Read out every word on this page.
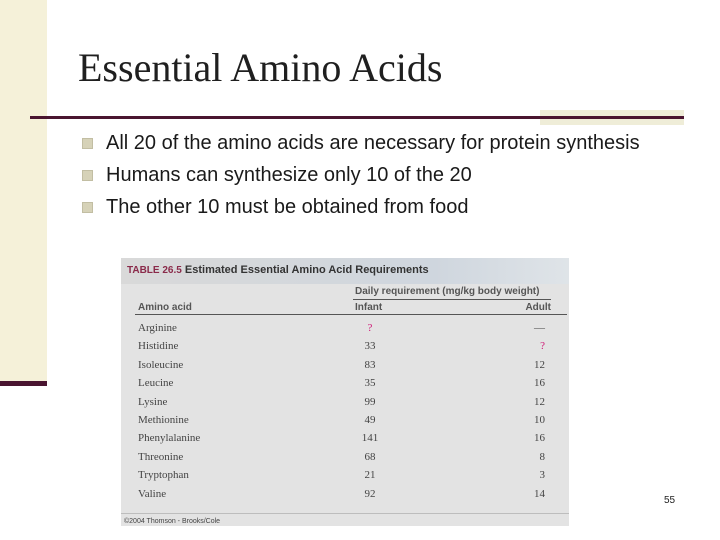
Essential Amino Acids
All 20 of the amino acids are necessary for protein synthesis
Humans can synthesize only 10 of the 20
The other 10 must be obtained from food
TABLE 26.5 Estimated Essential Amino Acid Requirements
Daily requirement (mg/kg body weight)
Amino acid	Infant	Adult
Arginine	?	—
Histidine	33	?
Isoleucine	83	12
Leucine	35	16
Lysine	99	12
Methionine	49	10
Phenylalanine	141	16
Threonine	68	8
Tryptophan	21	3
Valine	92	14
©2004 Thomson - Brooks/Cole
55
